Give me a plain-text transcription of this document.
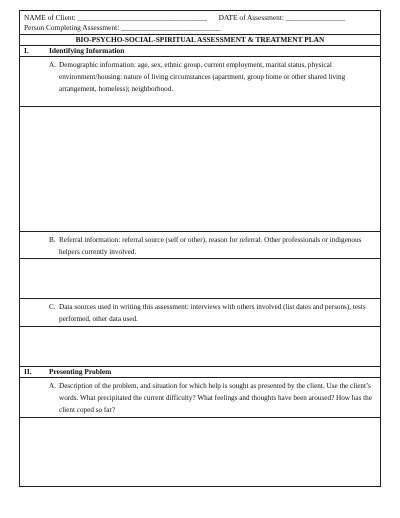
NAME of Client: ___________________________________ DATE of Assessment: ________________
Person Completing Assessment: ___________________________
BIO-PSYCHO-SOCIAL-SPIRITUAL ASSESSMENT & TREATMENT PLAN
I.	Identifying Information
A. Demographic information: age, sex, ethnic group, current employment, marital status, physical environment/housing: nature of living circumstances (apartment, group home or other shared living arrangement, homeless); neighborhood.
B. Referral information: referral source (self or other), reason for referral. Other professionals or indigenous helpers currently involved.
C. Data sources used in writing this assessment: interviews with others involved (list dates and persons), tests performed, other data used.
II. Presenting Problem
A. Description of the problem, and situation for which help is sought as presented by the client. Use the client’s words. What precipitated the current difficulty? What feelings and thoughts have been aroused? How has the client coped so far?
